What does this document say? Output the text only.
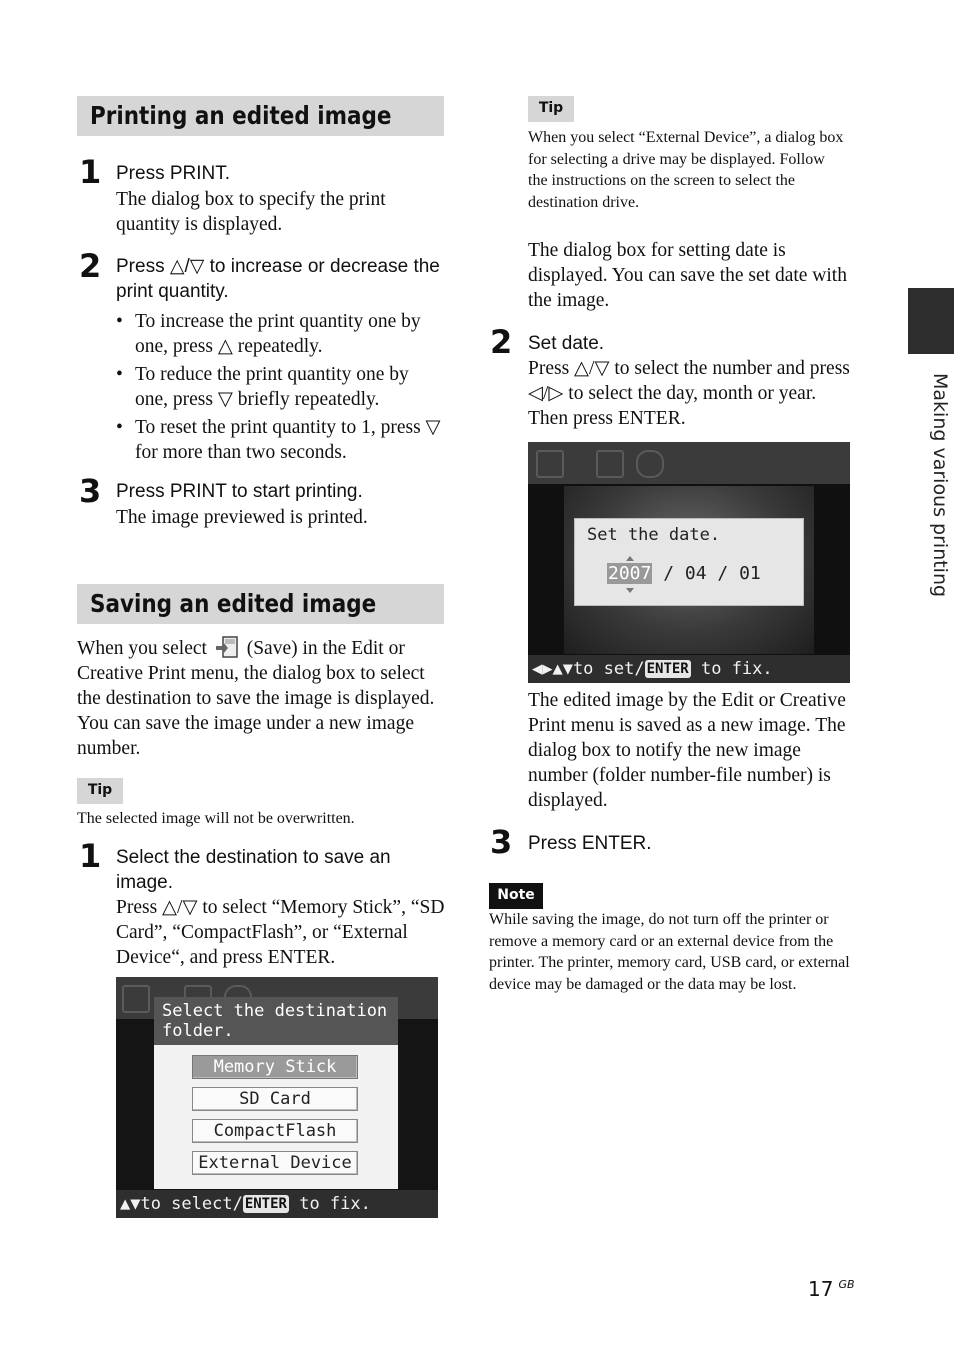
Printing an edited image
1 Press PRINT.
The dialog box to specify the print quantity is displayed.
2 Press △/▽ to increase or decrease the print quantity.
• To increase the print quantity one by one, press △ repeatedly.
• To reduce the print quantity one by one, press ▽ briefly repeatedly.
• To reset the print quantity to 1, press ▽ for more than two seconds.
3 Press PRINT to start printing.
The image previewed is printed.
Saving an edited image
When you select (Save) in the Edit or Creative Print menu, the dialog box to select the destination to save the image is displayed. You can save the image under a new image number.
Tip
The selected image will not be overwritten.
1 Select the destination to save an image.
Press △/▽ to select “Memory Stick”, “SD Card”, “CompactFlash”, or “External Device“, and press ENTER.
Select the destination folder.
Memory Stick
SD Card
CompactFlash
External Device
▲▼to select/ ENTER to fix.
Tip
When you select “External Device”, a dialog box for selecting a drive may be displayed. Follow the instructions on the screen to select the destination drive.
The dialog box for setting date is displayed. You can save the set date with the image.
2 Set date.
Press △/▽ to select the number and press ◁/▷ to select the day, month or year. Then press ENTER.
Set the date.
2007 / 04 / 01
◀▶▲▼to set/ ENTER to fix.
The edited image by the Edit or Creative Print menu is saved as a new image. The dialog box to notify the new image number (folder number-file number) is displayed.
3 Press ENTER.
Note
While saving the image, do not turn off the printer or remove a memory card or an external device from the printer. The printer, memory card, USB card, or external device may be damaged or the data may be lost.
Making various printing
17 $^{GB}$
